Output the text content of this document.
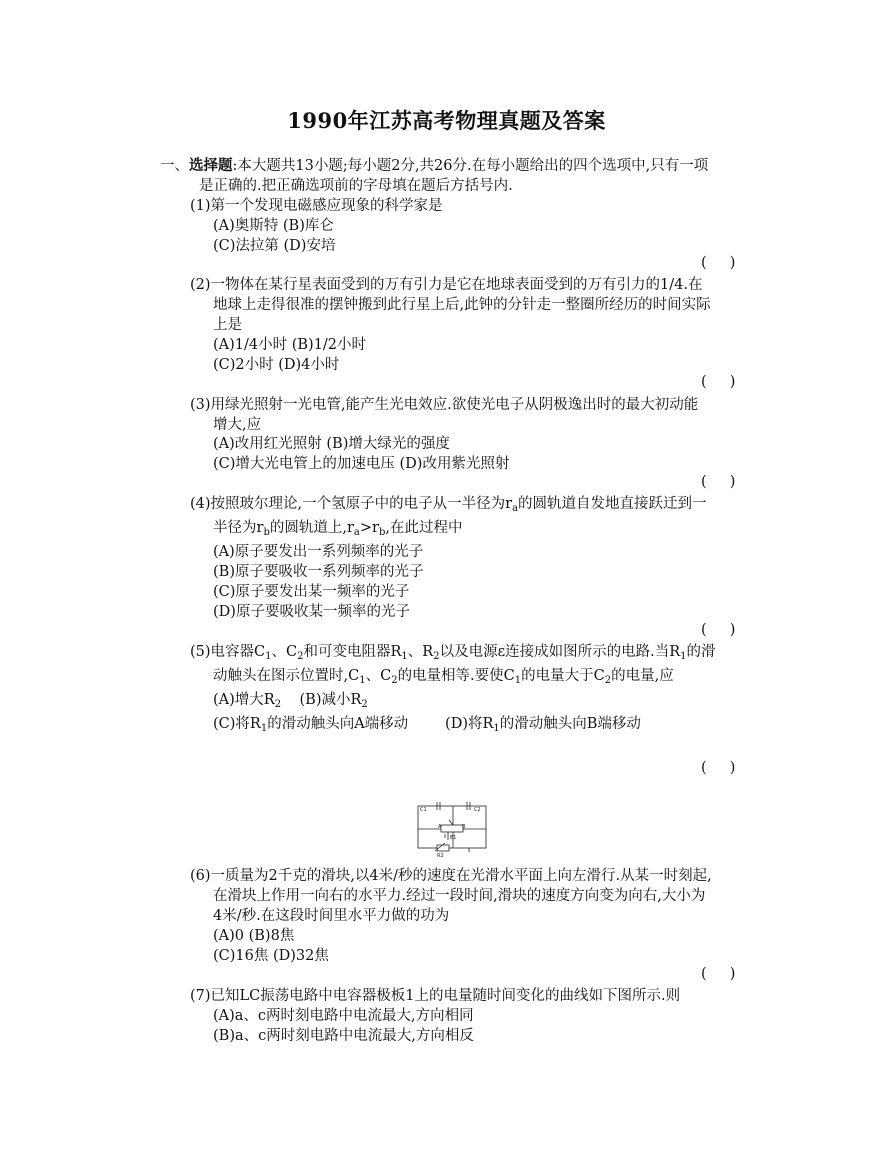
1990年江苏高考物理真题及答案
一、选择题:本大题共13小题;每小题2分,共26分.在每小题给出的四个选项中,只有一项
是正确的.把正确选项前的字母填在题后方括号内.
(1)第一个发现电磁感应现象的科学家是
(A)奥斯特 (B)库仑
(C)法拉第 (D)安培
(     )
(2)一物体在某行星表面受到的万有引力是它在地球表面受到的万有引力的1/4.在
地球上走得很准的摆钟搬到此行星上后,此钟的分针走一整圈所经历的时间实际
上是
(A)1/4小时 (B)1/2小时
(C)2小时 (D)4小时
(     )
(3)用绿光照射一光电管,能产生光电效应.欲使光电子从阴极逸出时的最大初动能
增大,应
(A)改用红光照射 (B)增大绿光的强度
(C)增大光电管上的加速电压 (D)改用紫光照射
(     )
(4)按照玻尔理论,一个氢原子中的电子从一半径为$r_a$的圆轨道自发地直接跃迁到一
半径为$r_b$的圆轨道上$,r_a>r_b$,在此过程中
(A)原子要发出一系列频率的光子
(B)原子要吸收一系列频率的光子
(C)原子要发出某一频率的光子
(D)原子要吸收某一频率的光子
(     )
(5)电容器$C_1$、$C_2$和可变电阻器$R_1$、$R_2$以及电源ε连接成如图所示的电路.当$R_1$的滑
动触头在图示位置时$,C_1$、$C_2$的电量相等.要使$C_1$的电量大于$C_2$的电量,应
(A)增大$R_2$    (B)减小$R_2$
(C)将$R_1$的滑动触头向A端移动        (D)将$R_1$的滑动触头向B端移动
(     )
C1	C2
A	B
E1
R2
(6)一质量为2千克的滑块,以4米/秒的速度在光滑水平面上向左滑行.从某一时刻起,
在滑块上作用一向右的水平力.经过一段时间,滑块的速度方向变为向右,大小为
4米/秒.在这段时间里水平力做的功为
(A)0 (B)8焦
(C)16焦 (D)32焦
(     )
(7)已知LC振荡电路中电容器极板1上的电量随时间变化的曲线如下图所示.则
(A)a、c两时刻电路中电流最大,方向相同
(B)a、c两时刻电路中电流最大,方向相反
